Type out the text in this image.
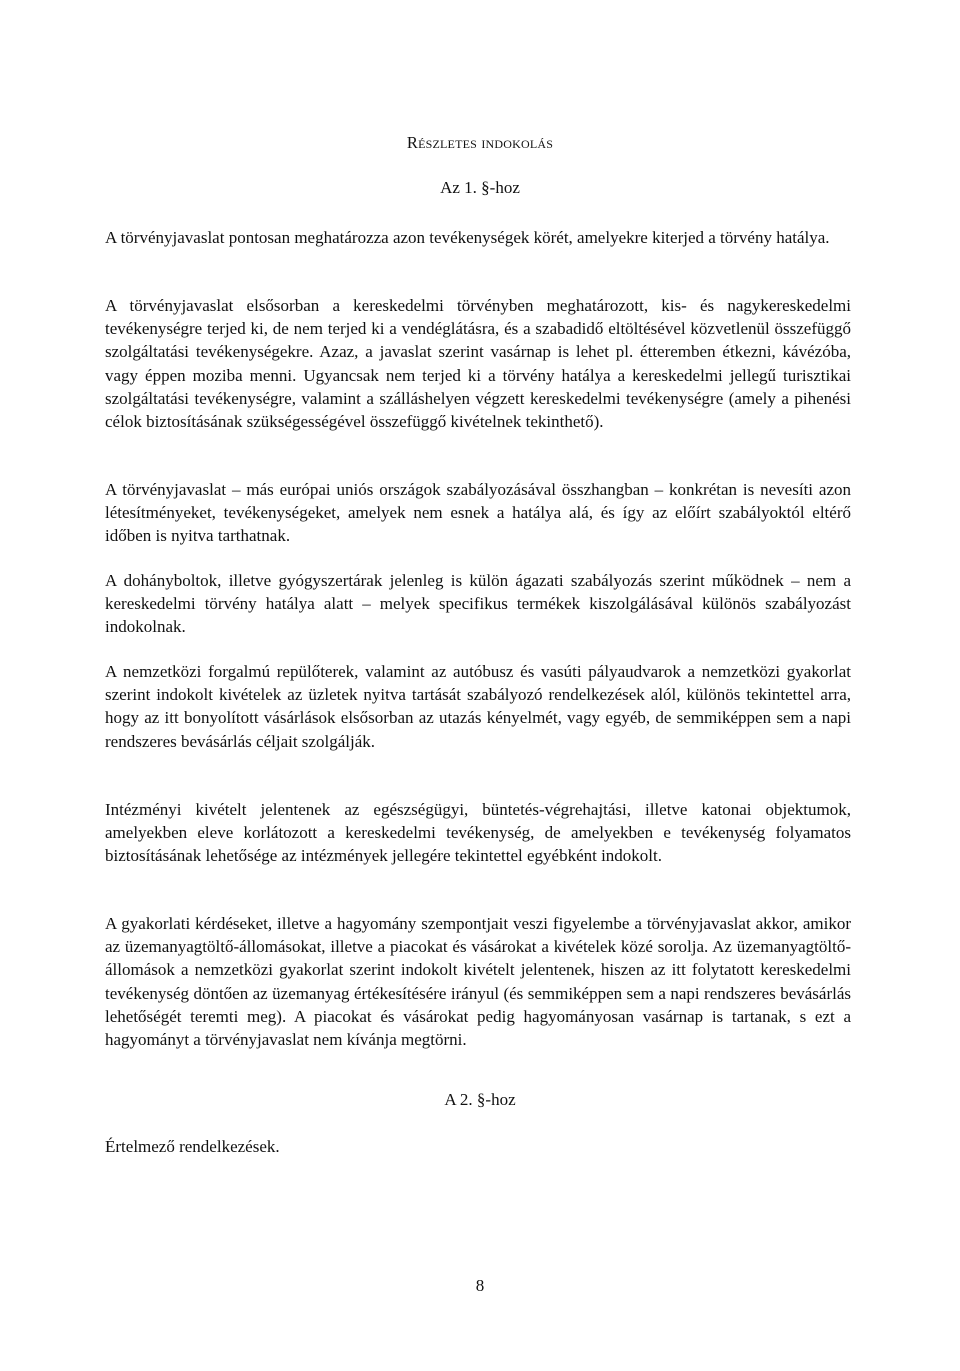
Részletes indokolás
Az 1. §-hoz

A törvényjavaslat pontosan meghatározza azon tevékenységek körét, amelyekre kiterjed a törvény hatálya.

A törvényjavaslat elsősorban a kereskedelmi törvényben meghatározott, kis- és nagykereskedelmi tevékenységre terjed ki, de nem terjed ki a vendéglátásra, és a szabadidő eltöltésével közvetlenül összefüggő szolgáltatási tevékenységekre. Azaz, a javaslat szerint vasárnap is lehet pl. étteremben étkezni, kávézóba, vagy éppen moziba menni. Ugyancsak nem terjed ki a törvény hatálya a kereskedelmi jellegű turisztikai szolgáltatási tevékenységre, valamint a szálláshelyen végzett kereskedelmi tevékenységre (amely a pihenési célok biztosításának szükségességével összefüggő kivételnek tekinthető).

A törvényjavaslat – más európai uniós országok szabályozásával összhangban – konkrétan is nevesíti azon létesítményeket, tevékenységeket, amelyek nem esnek a hatálya alá, és így az előírt szabályoktól eltérő időben is nyitva tarthatnak.

A dohányboltok, illetve gyógyszertárak jelenleg is külön ágazati szabályozás szerint működnek – nem a kereskedelmi törvény hatálya alatt – melyek specifikus termékek kiszolgálásával különös szabályozást indokolnak.

A nemzetközi forgalmú repülőterek, valamint az autóbusz és vasúti pályaudvarok a nemzetközi gyakorlat szerint indokolt kivételek az üzletek nyitva tartását szabályozó rendelkezések alól, különös tekintettel arra, hogy az itt bonyolított vásárlások elsősorban az utazás kényelmét, vagy egyéb, de semmiképpen sem a napi rendszeres bevásárlás céljait szolgálják.

Intézményi kivételt jelentenek az egészségügyi, büntetés-végrehajtási, illetve katonai objektumok, amelyekben eleve korlátozott a kereskedelmi tevékenység, de amelyekben e tevékenység folyamatos biztosításának lehetősége az intézmények jellegére tekintettel egyébként indokolt.

A gyakorlati kérdéseket, illetve a hagyomány szempontjait veszi figyelembe a törvényjavaslat akkor, amikor az üzemanyagtöltő-állomásokat, illetve a piacokat és vásárokat a kivételek közé sorolja. Az üzemanyagtöltő-állomások a nemzetközi gyakorlat szerint indokolt kivételt jelentenek, hiszen az itt folytatott kereskedelmi tevékenység döntően az üzemanyag értékesítésére irányul (és semmiképpen sem a napi rendszeres bevásárlás lehetőségét teremti meg). A piacokat és vásárokat pedig hagyományosan vasárnap is tartanak, s ezt a hagyományt a törvényjavaslat nem kívánja megtörni.

A 2. §-hoz
Értelmező rendelkezések.
8
